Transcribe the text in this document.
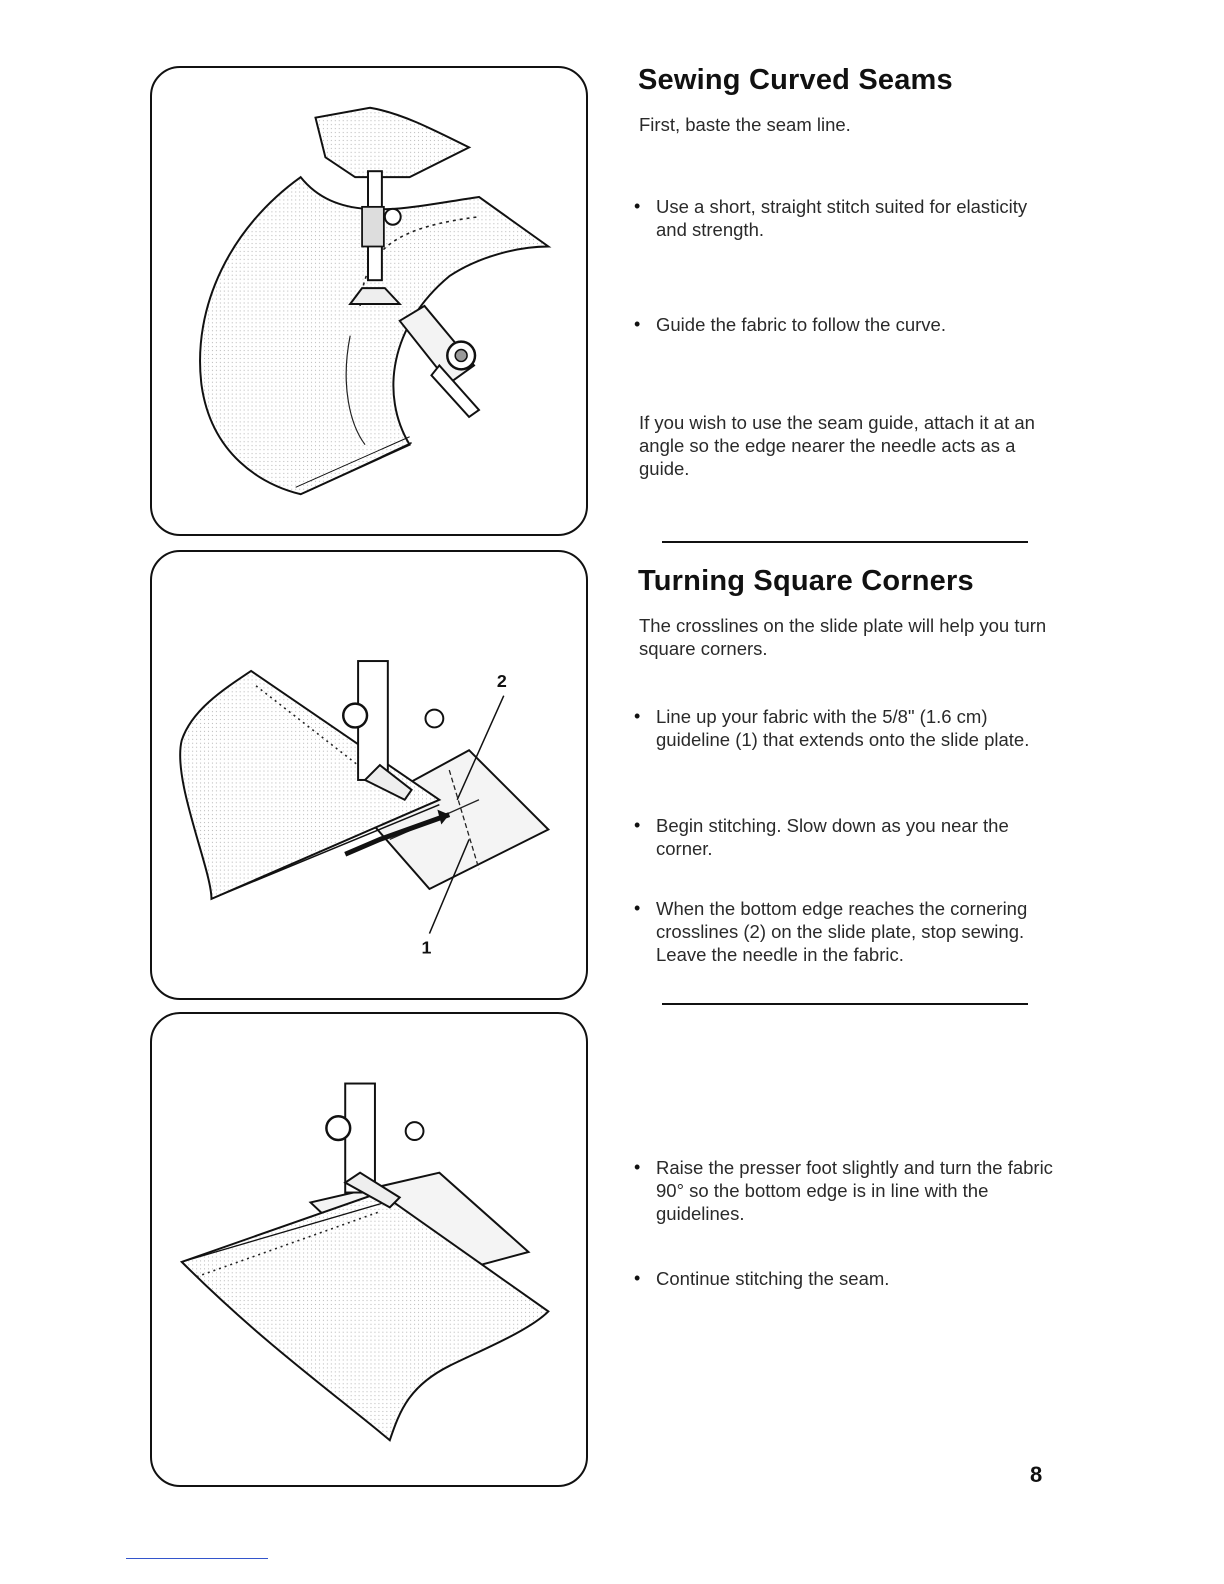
2
1
Sewing Curved Seams

First, baste the seam line.

• Use a short, straight stitch suited for elasticity and strength.
• Guide the fabric to follow the curve.

If you wish to use the seam guide, attach it at an angle so the edge nearer the needle acts as a guide.

Turning Square Corners

The crosslines on the slide plate will help you turn square corners.

• Line up your fabric with the 5/8" (1.6 cm) guideline (1) that extends onto the slide plate.
• Begin stitching. Slow down as you near the corner.
• When the bottom edge reaches the cornering crosslines (2) on the slide plate, stop sewing. Leave the needle in the fabric.
• Raise the presser foot slightly and turn the fabric 90° so the bottom edge is in line with the guidelines.
• Continue stitching the seam.
8
